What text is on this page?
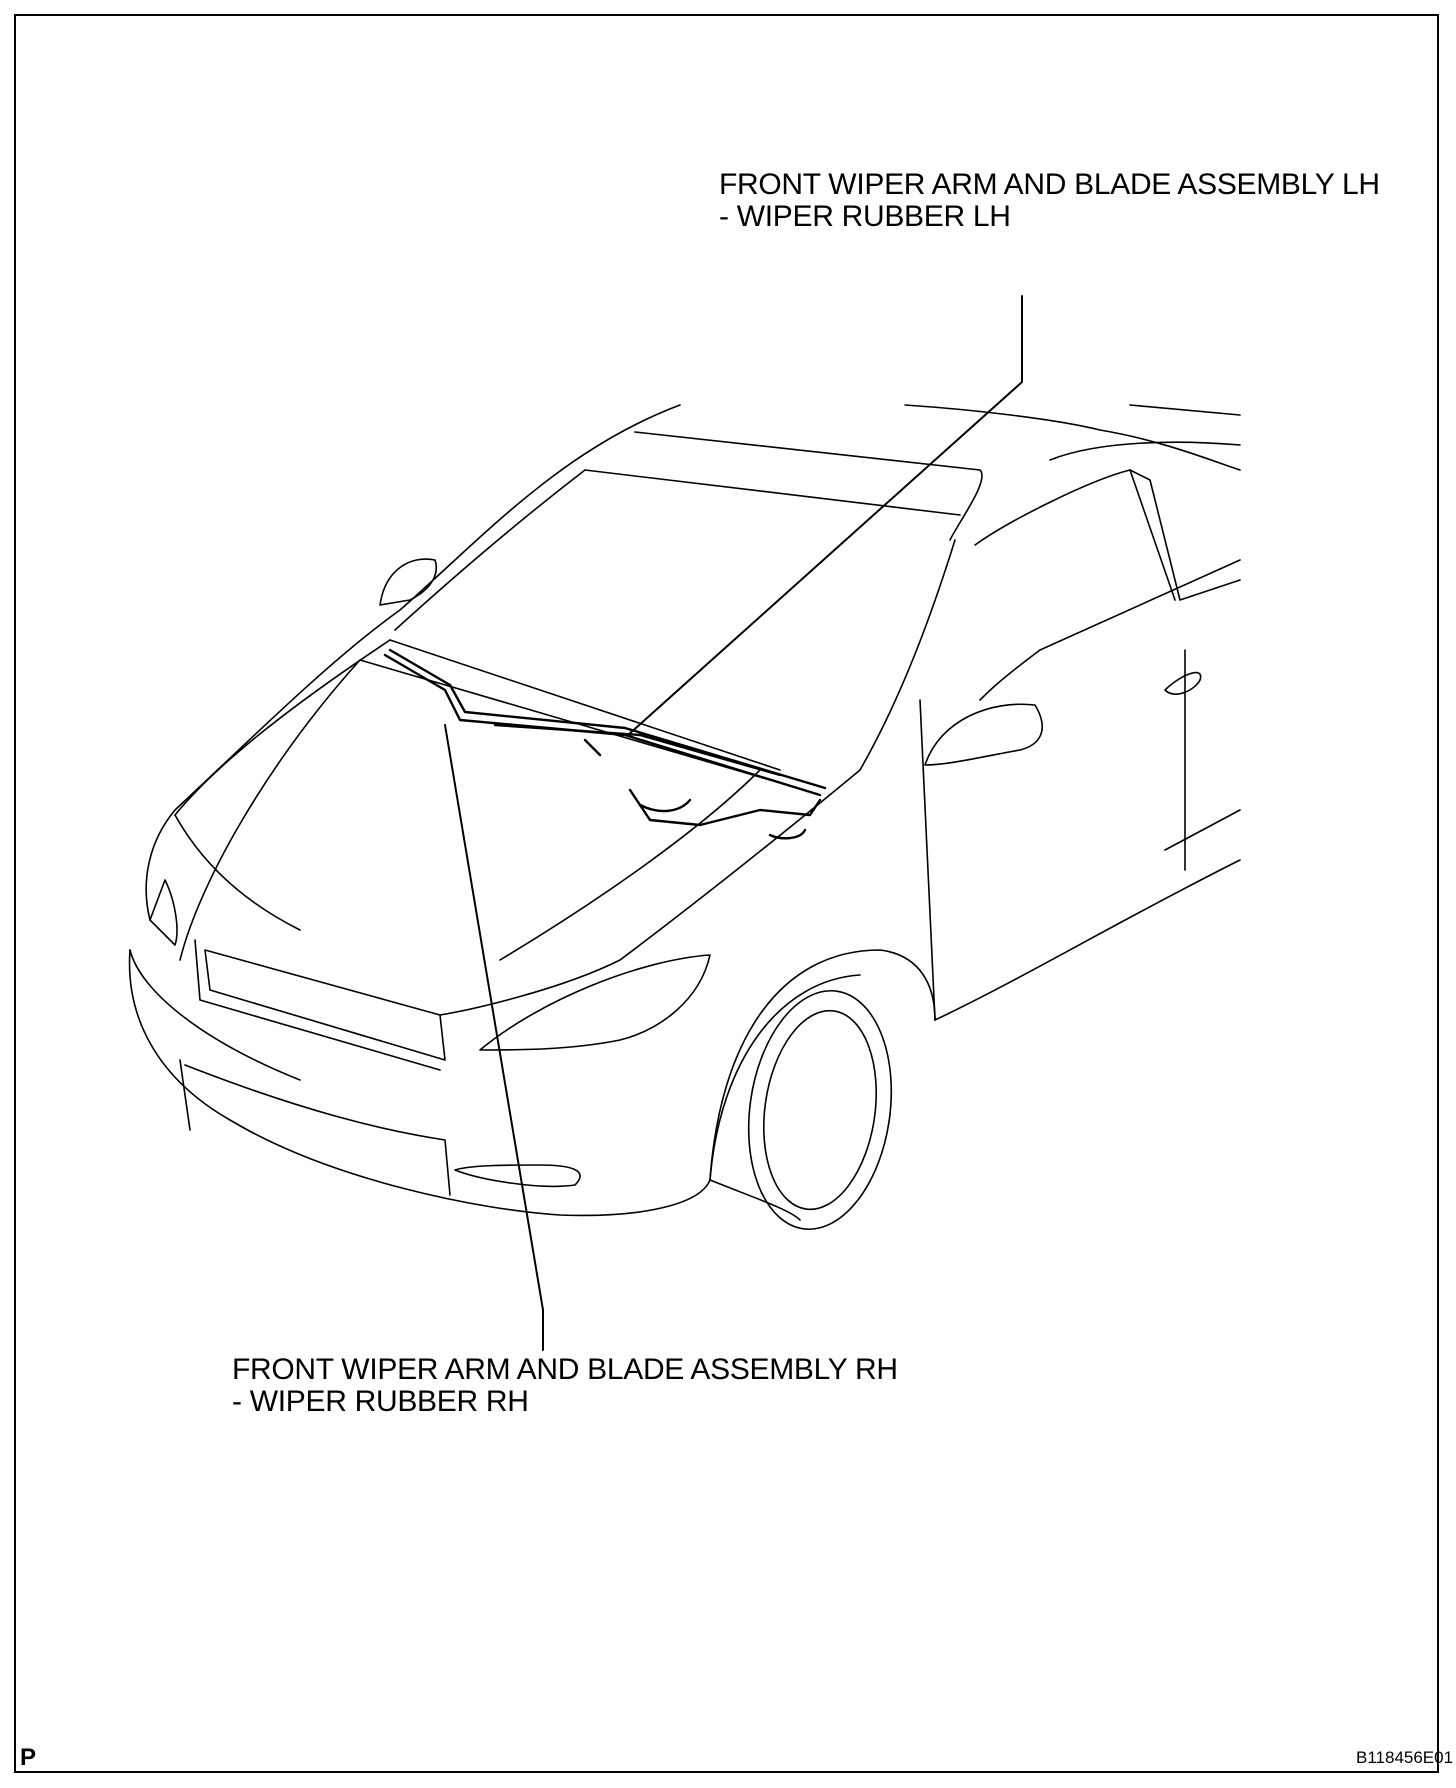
FRONT WIPER ARM AND BLADE ASSEMBLY LH
- WIPER RUBBER LH
FRONT WIPER ARM AND BLADE ASSEMBLY RH
- WIPER RUBBER RH
P	B118456E01
